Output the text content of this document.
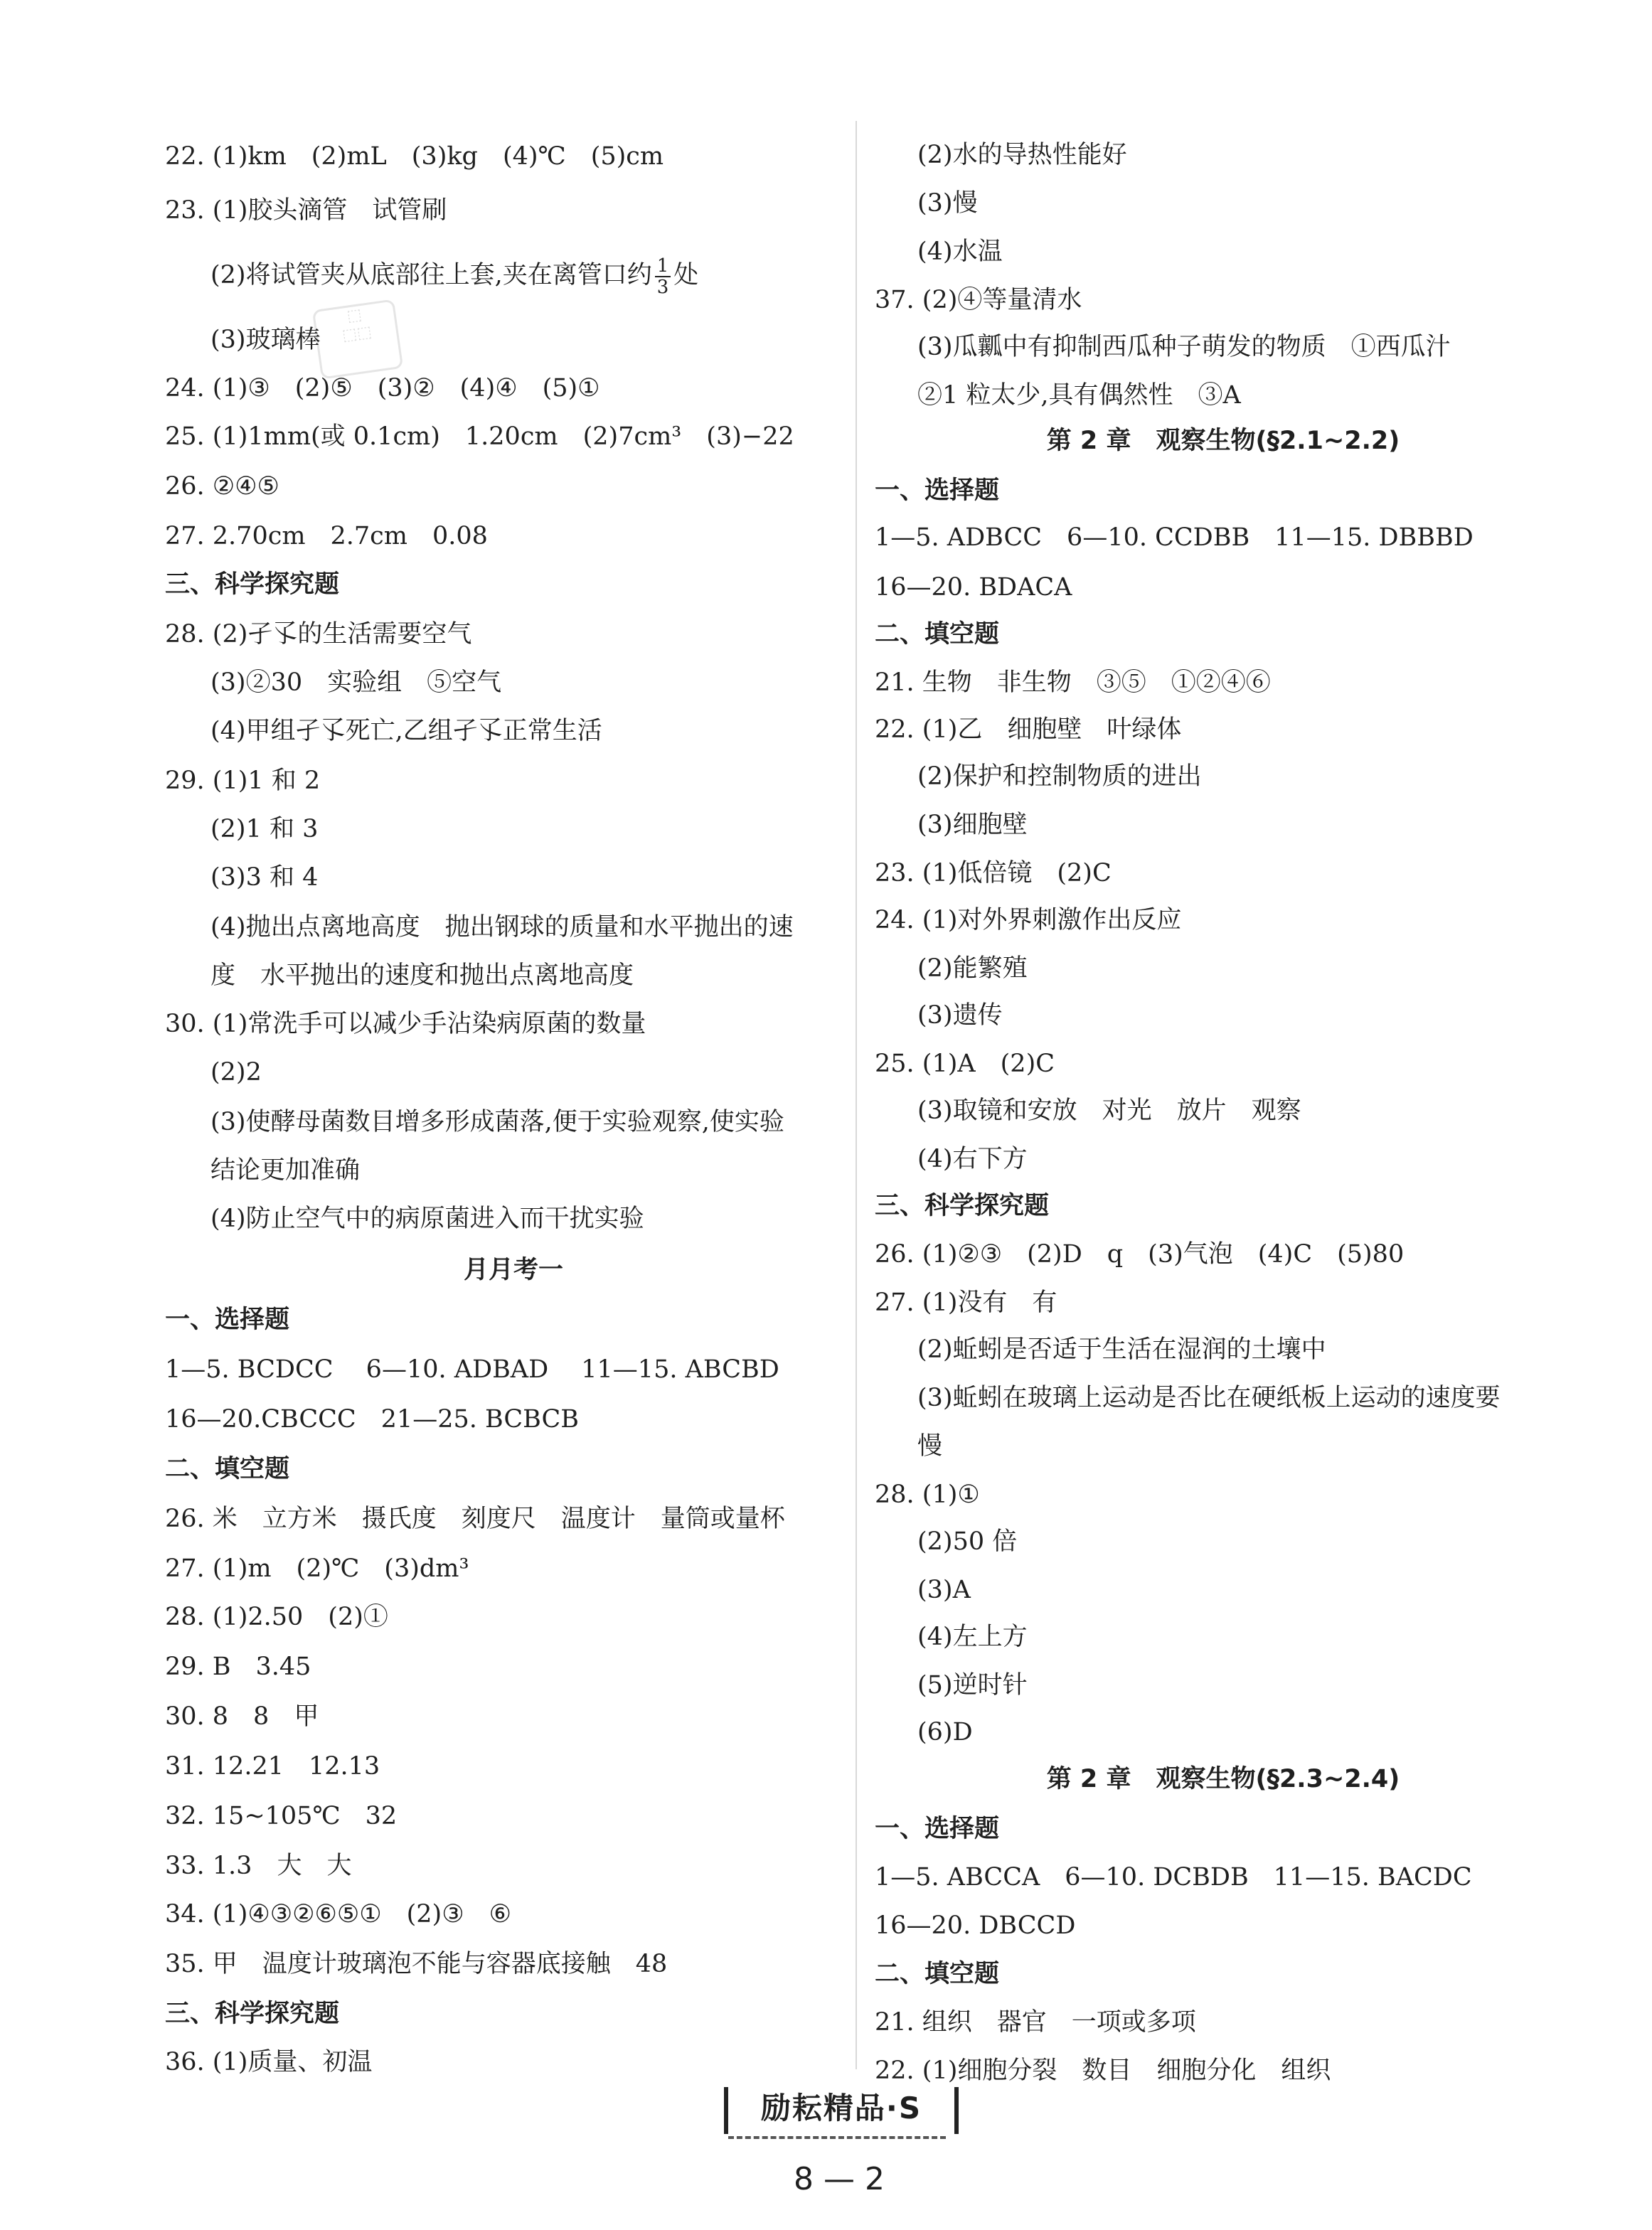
⬚
⬚⬚
22. (1)km　(2)mL　(3)kg　(4)℃　(5)cm
23. (1)胶头滴管　试管刷
(2)将试管夹从底部往上套,夹在离管口约 $\frac{1}{3}$ 处
(3)玻璃棒
24. (1)③　(2)⑤　(3)②　(4)④　(5)①
25. (1)1mm(或 0.1cm)　1.20cm　(2)7cm³　(3)−22
26. ②④⑤
27. 2.70cm　2.7cm　0.08
三、科学探究题
28. (2)孑孓的生活需要空气
(3)②30　实验组　⑤空气
(4)甲组孑孓死亡,乙组孑孓正常生活
29. (1)1 和 2
(2)1 和 3
(3)3 和 4
(4)抛出点离地高度　抛出钢球的质量和水平抛出的速
度　水平抛出的速度和抛出点离地高度
30. (1)常洗手可以减少手沾染病原菌的数量
(2)2
(3)使酵母菌数目增多形成菌落,便于实验观察,使实验
结论更加准确
(4)防止空气中的病原菌进入而干扰实验
月月考一
一、选择题
1—5. BCDCC　 6—10. ADBAD　 11—15. ABCBD
16—20.CBCCC　21—25. BCBCB
二、填空题
26. 米　立方米　摄氏度　刻度尺　温度计　量筒或量杯
27. (1)m　(2)℃　(3)dm³
28. (1)2.50　(2)①
29. B　3.45
30. 8　8　甲
31. 12.21　12.13
32. 15~105℃　32
33. 1.3　大　大
34. (1)④③②⑥⑤①　(2)③　⑥
35. 甲　温度计玻璃泡不能与容器底接触　48
三、科学探究题
36. (1)质量、初温
(2)水的导热性能好
(3)慢
(4)水温
37. (2)④等量清水
(3)瓜瓤中有抑制西瓜种子萌发的物质　①西瓜汁
②1 粒太少,具有偶然性　③A
第 2 章　观察生物(§2.1~2.2)
一、选择题
1—5. ADBCC　6—10. CCDBB　11—15. DBBBD
16—20. BDACA
二、填空题
21. 生物　非生物　③⑤　①②④⑥
22. (1)乙　细胞壁　叶绿体
(2)保护和控制物质的进出
(3)细胞壁
23. (1)低倍镜　(2)C
24. (1)对外界刺激作出反应
(2)能繁殖
(3)遗传
25. (1)A　(2)C
(3)取镜和安放　对光　放片　观察
(4)右下方
三、科学探究题
26. (1)②③　(2)D　q　(3)气泡　(4)C　(5)80
27. (1)没有　有
(2)蚯蚓是否适于生活在湿润的土壤中
(3)蚯蚓在玻璃上运动是否比在硬纸板上运动的速度要
慢
28. (1)①
(2)50 倍
(3)A
(4)左上方
(5)逆时针
(6)D
第 2 章　观察生物(§2.3~2.4)
一、选择题
1—5. ABCCA　6—10. DCBDB　11—15. BACDC
16—20. DBCCD
二、填空题
21. 组织　器官　一项或多项
22. (1)细胞分裂　数目　细胞分化　组织
励耘精品·S
8 — 2
